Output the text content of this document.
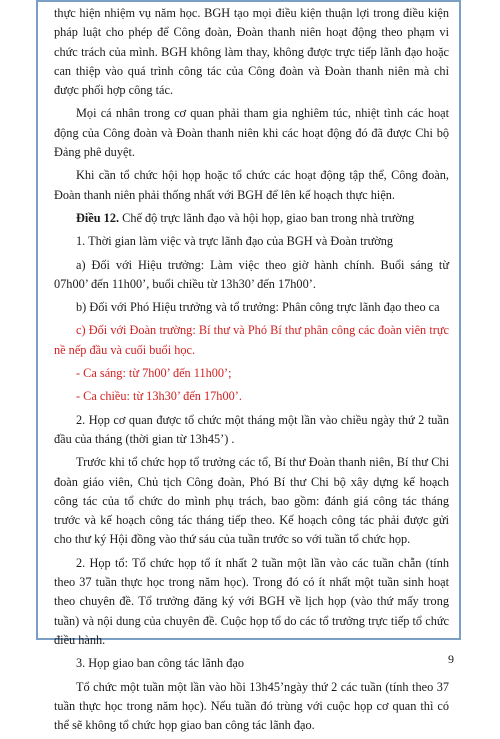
thực hiện nhiệm vụ năm học. BGH tạo mọi điều kiện thuận lợi trong điều kiện pháp luật cho phép để Công đoàn, Đoàn thanh niên hoạt động theo phạm vi chức trách của mình. BGH không làm thay, không được trực tiếp lãnh đạo hoặc can thiệp vào quá trình công tác của Công đoàn và Đoàn thanh niên mà chỉ được phối hợp công tác.

Mọi cá nhân trong cơ quan phải tham gia nghiêm túc, nhiệt tình các hoạt động của Công đoàn và Đoàn thanh niên khi các hoạt động đó đã được Chi bộ Đảng phê duyệt.

Khi cần tổ chức hội họp hoặc tổ chức các hoạt động tập thể, Công đoàn, Đoàn thanh niên phải thống nhất với BGH để lên kế hoạch thực hiện.

Điều 12. Chế độ trực lãnh đạo và hội họp, giao ban trong nhà trường

1. Thời gian làm việc và trực lãnh đạo của BGH và Đoàn trường

a) Đối với Hiệu trưởng: Làm việc theo giờ hành chính. Buổi sáng từ 07h00’ đến 11h00’, buổi chiều từ 13h30’ đến 17h00’.

b) Đối với Phó Hiệu trưởng và tổ trưởng: Phân công trực lãnh đạo theo ca

c) Đối với Đoàn trường: Bí thư và Phó Bí thư phân công các đoàn viên trực nề nếp đầu và cuối buổi học.

- Ca sáng: từ 7h00’ đến 11h00’;

- Ca chiều: từ 13h30’ đến 17h00’.

2. Họp cơ quan được tổ chức một tháng một lần vào chiều ngày thứ 2 tuần đầu của tháng (thời gian từ 13h45’) .

Trước khi tổ chức họp tổ trưởng các tổ, Bí thư Đoàn thanh niên, Bí thư Chi đoàn giáo viên, Chủ tịch Công đoàn, Phó Bí thư Chi bộ xây dựng kế hoạch công tác của tổ chức do mình phụ trách, bao gồm: đánh giá công tác tháng trước và kế hoạch công tác tháng tiếp theo. Kế hoạch công tác phải được gửi cho thư ký Hội đồng vào thứ sáu của tuần trước so với tuần tổ chức họp.

2. Họp tổ: Tổ chức họp tổ ít nhất 2 tuần một lần vào các tuần chẵn (tính theo 37 tuần thực học trong năm học). Trong đó có ít nhất một tuần sinh hoạt theo chuyên đề. Tổ trưởng đăng ký với BGH về lịch họp (vào thứ mấy trong tuần) và nội dung của chuyên đề. Cuộc họp tổ do các tổ trưởng trực tiếp tổ chức điều hành.

3. Họp giao ban công tác lãnh đạo

Tổ chức một tuần một lần vào hồi 13h45’ngày thứ 2 các tuần (tính theo 37 tuần thực học trong năm học). Nếu tuần đó trùng với cuộc họp cơ quan thì có thể sẽ không tổ chức họp giao ban công tác lãnh đạo.

9
